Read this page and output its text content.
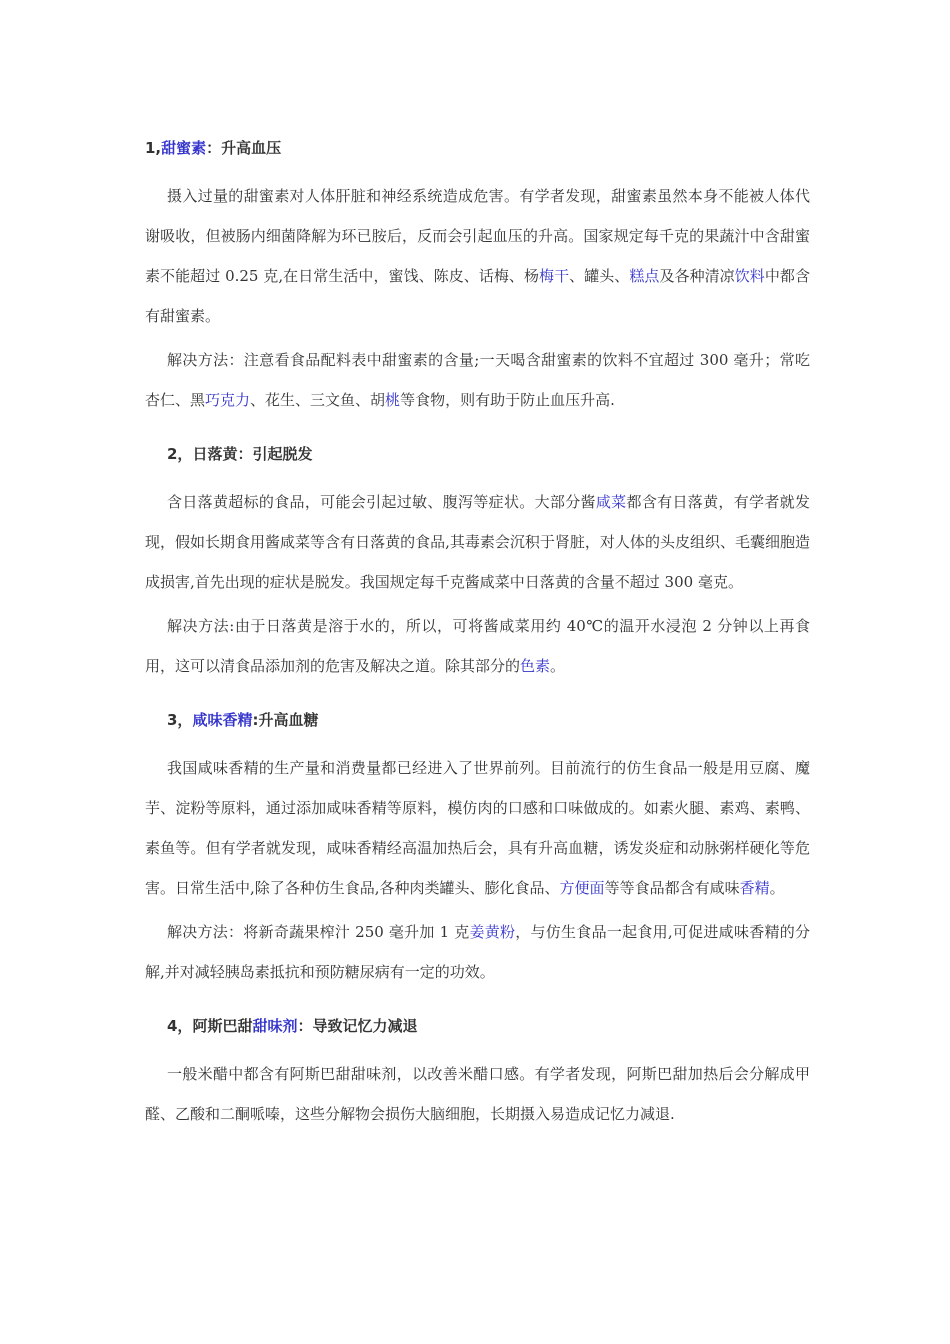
1,甜蜜素：升高血压

摄入过量的甜蜜素对人体肝脏和神经系统造成危害。有学者发现，甜蜜素虽然本身不能被人体代谢吸收，但被肠内细菌降解为环已胺后，反而会引起血压的升高。国家规定每千克的果蔬汁中含甜蜜素不能超过 0.25 克,在日常生活中，蜜饯、陈皮、话梅、杨梅干、罐头、糕点及各种清凉饮料中都含有甜蜜素。

解决方法：注意看食品配料表中甜蜜素的含量;一天喝含甜蜜素的饮料不宜超过 300 毫升；常吃杏仁、黑巧克力、花生、三文鱼、胡桃等食物，则有助于防止血压升高.

2，日落黄：引起脱发

含日落黄超标的食品，可能会引起过敏、腹泻等症状。大部分酱咸菜都含有日落黄，有学者就发现，假如长期食用酱咸菜等含有日落黄的食品,其毒素会沉积于肾脏，对人体的头皮组织、毛囊细胞造成损害,首先出现的症状是脱发。我国规定每千克酱咸菜中日落黄的含量不超过 300 毫克。

解决方法:由于日落黄是溶于水的，所以，可将酱咸菜用约 40℃的温开水浸泡 2 分钟以上再食用，这可以清食品添加剂的危害及解决之道。除其部分的色素。

3，咸味香精:升高血糖

我国咸味香精的生产量和消费量都已经进入了世界前列。目前流行的仿生食品一般是用豆腐、魔芋、淀粉等原料，通过添加咸味香精等原料，模仿肉的口感和口味做成的。如素火腿、素鸡、素鸭、素鱼等。但有学者就发现，咸味香精经高温加热后会，具有升高血糖，诱发炎症和动脉粥样硬化等危害。日常生活中,除了各种仿生食品,各种肉类罐头、膨化食品、方便面等等食品都含有咸味香精。

解决方法：将新奇蔬果榨汁 250 毫升加 1 克姜黄粉，与仿生食品一起食用,可促进咸味香精的分解,并对减轻胰岛素抵抗和预防糖尿病有一定的功效。

4，阿斯巴甜甜味剂：导致记忆力减退

一般米醋中都含有阿斯巴甜甜味剂，以改善米醋口感。有学者发现，阿斯巴甜加热后会分解成甲醛、乙酸和二酮哌嗪，这些分解物会损伤大脑细胞，长期摄入易造成记忆力减退.
